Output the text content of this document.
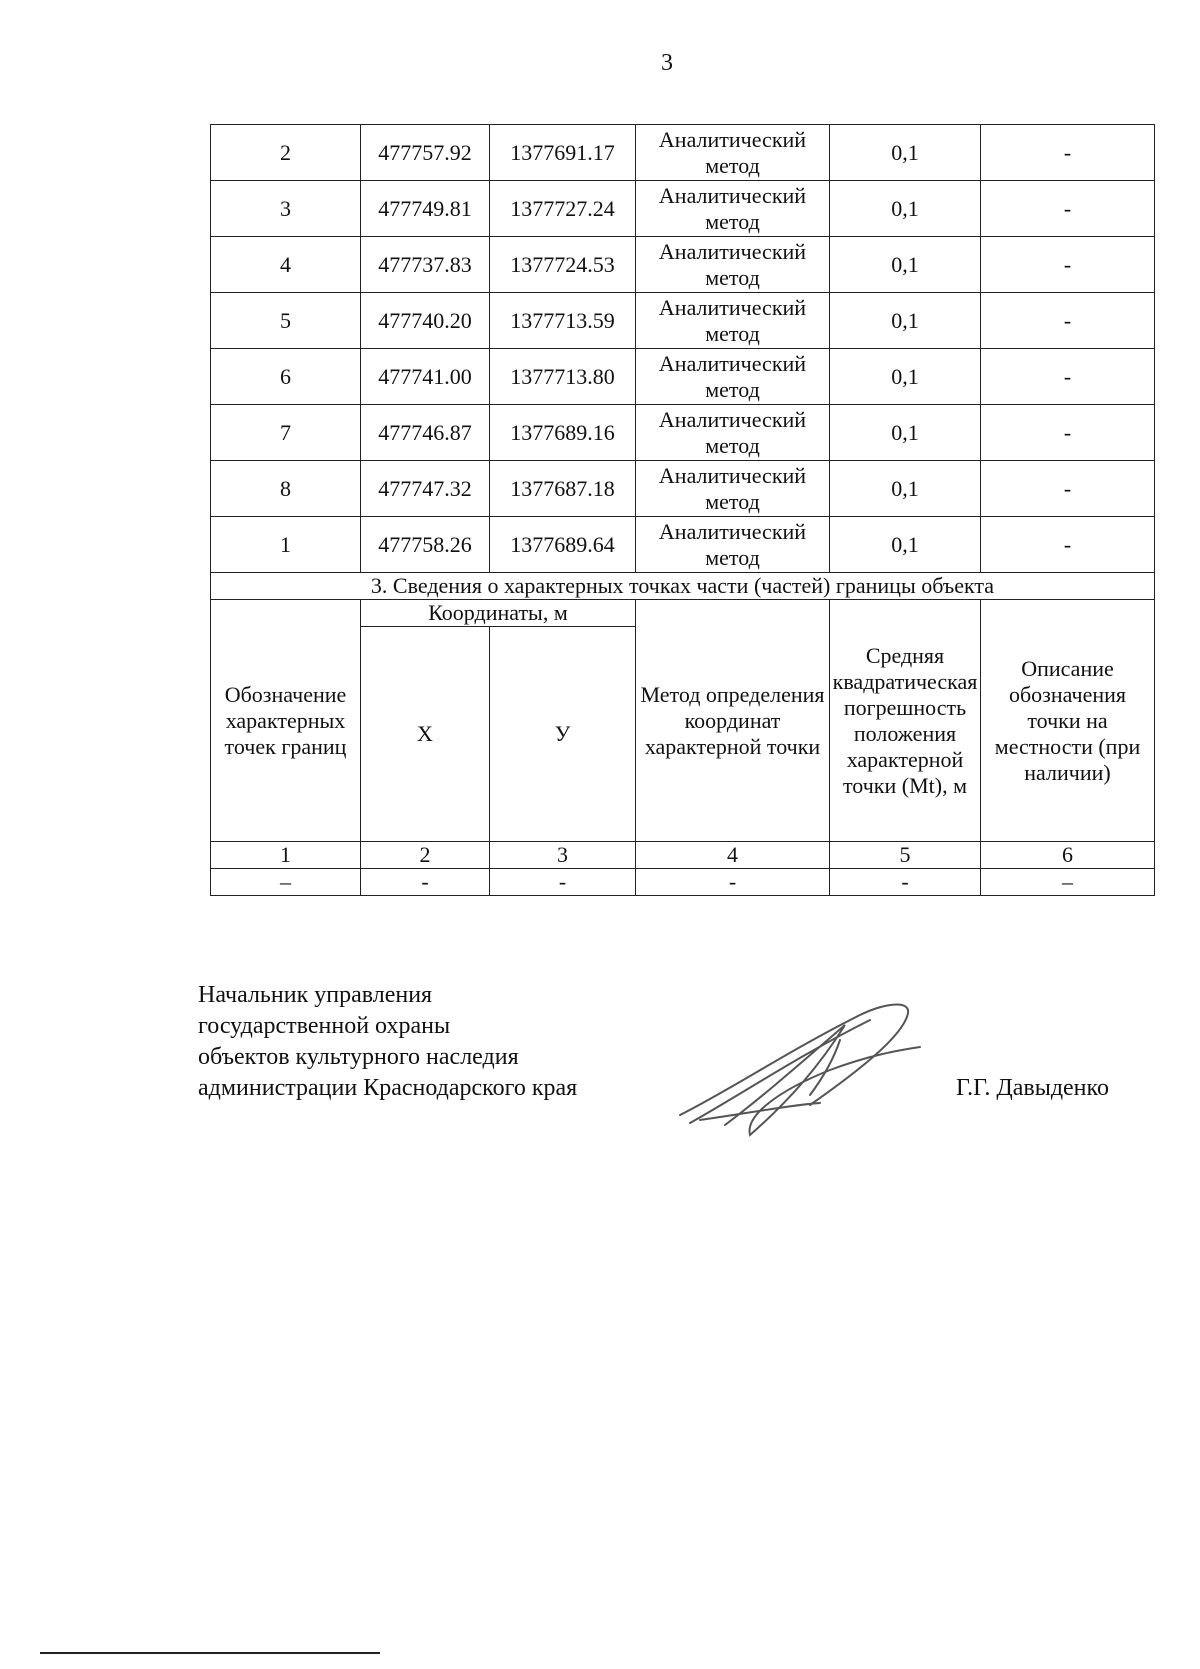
3
2	477757.92	1377691.17	Аналитический метод	0,1	-
3	477749.81	1377727.24	Аналитический метод	0,1	-
4	477737.83	1377724.53	Аналитический метод	0,1	-
5	477740.20	1377713.59	Аналитический метод	0,1	-
6	477741.00	1377713.80	Аналитический метод	0,1	-
7	477746.87	1377689.16	Аналитический метод	0,1	-
8	477747.32	1377687.18	Аналитический метод	0,1	-
1	477758.26	1377689.64	Аналитический метод	0,1	-
3. Сведения о характерных точках части (частей) границы объекта					
Обозначение характерных точек границ	Координаты, м		Метод определения координат характерной точки	Средняя квадратическая погрешность положения характерной точки (Mt), м	Описание обозначения точки на местности (при наличии)
	X	У			
1	2	3	4	5	6
–	-	-	-	-	–
Начальник управления
государственной охраны
объектов культурного наследия
администрации Краснодарского края	Г.Г. Давыденко
